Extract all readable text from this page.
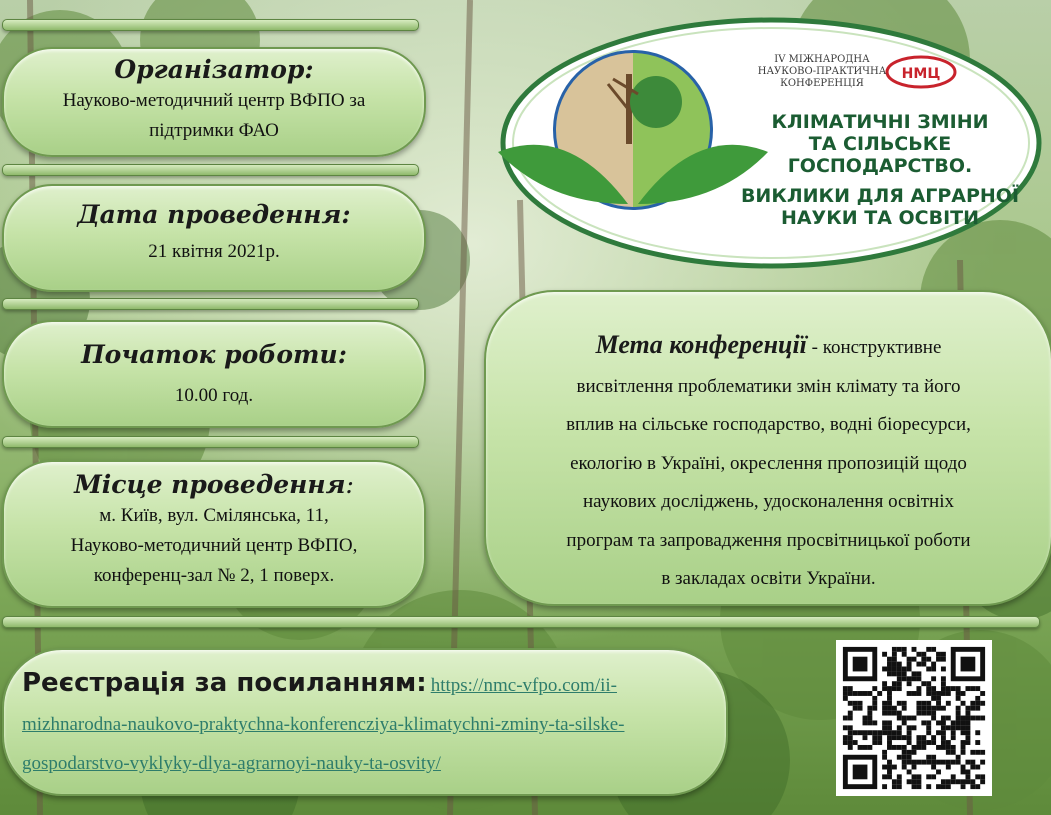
Організатор:
Науково-методичний центр ВФПО за
підтримки ФАО
Дата проведення:
21 квітня 2021р.
Початок роботи:
10.00 год.
Місце проведення:
м. Київ, вул. Смілянська, 11,
Науково-методичний центр ВФПО,
конференц-зал № 2, 1 поверх.
НМЦ
IV МІЖНАРОДНА
НАУКОВО-ПРАКТИЧНА
КОНФЕРЕНЦІЯ
КЛІМАТИЧНІ ЗМІНИ
ТА СІЛЬСЬКЕ
ГОСПОДАРСТВО.
ВИКЛИКИ ДЛЯ АГРАРНОЇ
НАУКИ ТА ОСВІТИ
Мета конференції - конструктивне
висвітлення проблематики змін клімату та його
вплив на сільське господарство, водні біоресурси,
екологію в Україні, окреслення пропозицій щодо
наукових досліджень, удосконалення освітніх
програм та запровадження просвітницької роботи
в закладах освіти України.
Реєстрація за посиланням: https://nmc-vfpo.com/ii-
mizhnarodna-naukovo-praktychna-konferencziya-klimatychni-zminy-ta-silske-
gospodarstvo-vyklyky-dlya-agrarnoyi-nauky-ta-osvity/
